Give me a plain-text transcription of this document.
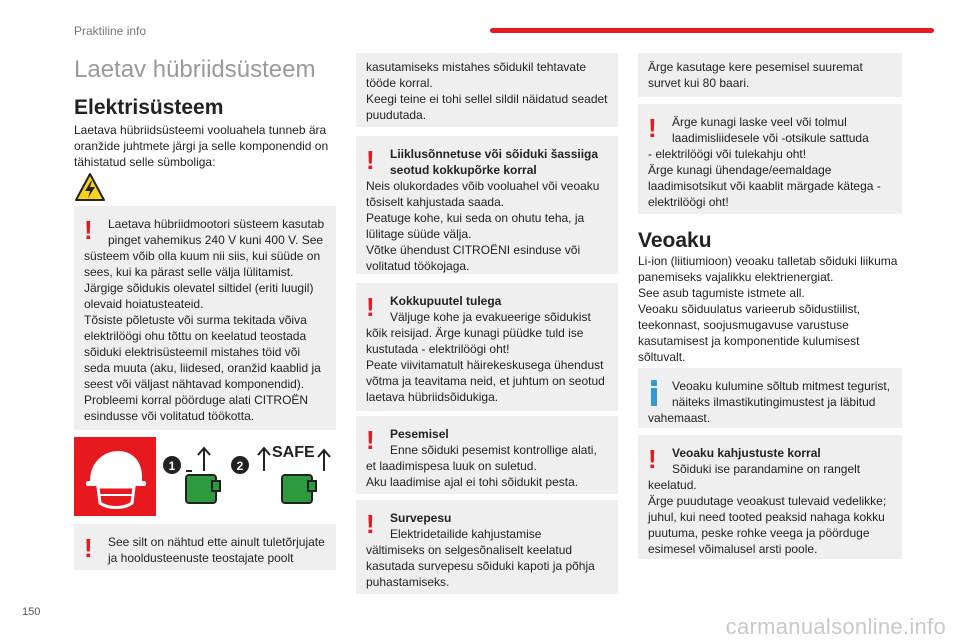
Praktiline info
Laetav hübriidsüsteem
Elektrisüsteem
Laetava hübriidsüsteemi vooluahela tunneb ära
oranžide juhtmete järgi ja selle komponendid on
tähistatud selle sümboliga:
!	Laetava hübriidmootori süsteem kasutab
pinget vahemikus 240 V kuni 400 V. See
süsteem võib olla kuum nii siis, kui süüde on
sees, kui ka pärast selle välja lülitamist.
Järgige sõidukis olevatel siltidel (eriti luugil)
olevaid hoiatusteateid.
Tõsiste põletuste või surma tekitada võiva
elektrilöögi ohu tõttu on keelatud teostada
sõiduki elektrisüsteemil mistahes töid või
seda muuta (aku, liidesed, oranžid kaablid ja
seest või väljast nähtavad komponendid).
Probleemi korral pöörduge alati CITROËN
esindusse või volitatud töökotta.
1	2
SAFE
!	See silt on nähtud ette ainult tuletõrjujate
ja hooldusteenuste teostajate poolt
kasutamiseks mistahes sõidukil tehtavate
tööde korral.
Keegi teine ei tohi sellel sildil näidatud seadet
puudutada.
!	Liiklusõnnetuse või sõiduki šassiiga
seotud kokkupõrke korral
Neis olukordades võib vooluahel või veoaku
tõsiselt kahjustada saada.
Peatuge kohe, kui seda on ohutu teha, ja
lülitage süüde välja.
Võtke ühendust CITROËNI esinduse või
volitatud töökojaga.
!	Kokkupuutel tulega
Väljuge kohe ja evakueerige sõidukist
kõik reisijad. Ärge kunagi püüdke tuld ise
kustutada - elektrilöögi oht!
Peate viivitamatult häirekeskusega ühendust
võtma ja teavitama neid, et juhtum on seotud
laetava hübriidsõidukiga.
!	Pesemisel
Enne sõiduki pesemist kontrollige alati,
et laadimispesa luuk on suletud.
Aku laadimise ajal ei tohi sõidukit pesta.
!	Survepesu
Elektridetailide kahjustamise
vältimiseks on selgesõnaliselt keelatud
kasutada survepesu sõiduki kapoti ja põhja
puhastamiseks.
Ärge kasutage kere pesemisel suuremat
survet kui 80 baari.
!	Ärge kunagi laske veel või tolmul
laadimisliidesele või -otsikule sattuda
- elektrilöögi või tulekahju oht!
Ärge kunagi ühendage/eemaldage
laadimisotsikut või kaablit märgade kätega -
elektrilöögi oht!
Veoaku
Li-ion (liitiumioon) veoaku talletab sõiduki liikuma
panemiseks vajalikku elektrienergiat.
See asub tagumiste istmete all.
Veoaku sõiduulatus varieerub sõidustiilist,
teekonnast, soojusmugavuse varustuse
kasutamisest ja komponentide kulumisest
sõltuvalt.
Veoaku kulumine sõltub mitmest tegurist,
näiteks ilmastikutingimustest ja läbitud
vahemaast.
!	Veoaku kahjustuste korral
Sõiduki ise parandamine on rangelt
keelatud.
Ärge puudutage veoakust tulevaid vedelikke;
juhul, kui need tooted peaksid nahaga kokku
puutuma, peske rohke veega ja pöörduge
esimesel võimalusel arsti poole.
150
carmanualsonline.info
